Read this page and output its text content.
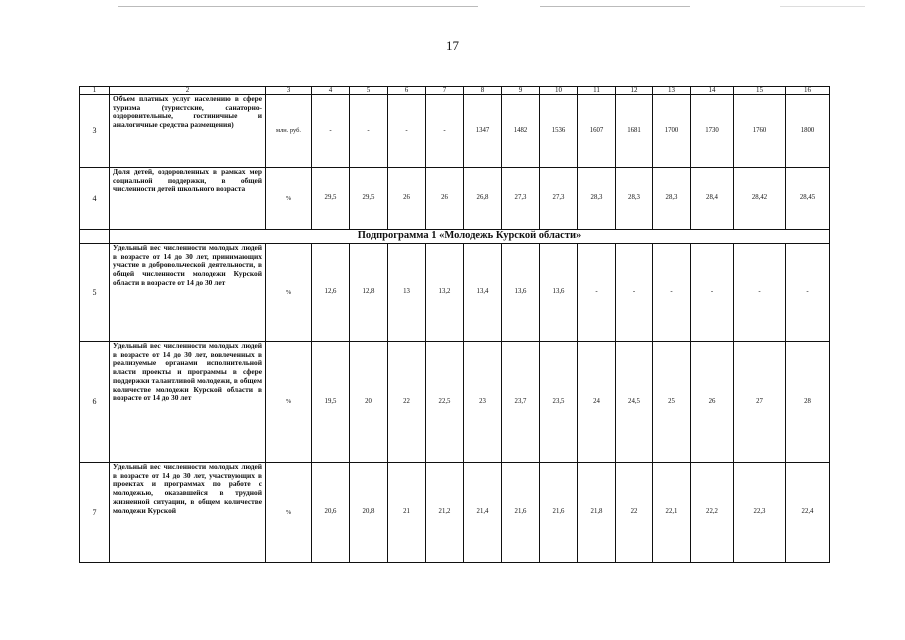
17
1	2	3	4	5	6	7	8	9	10	11	12	13	14	15	16
3	Объем платных услуг населению в сфере туризма (туристские, санаторно-оздоровительные, гостиничные и аналогичные средства размещения)	млн. руб.	-	-	-	-	1347	1482	1536	1607	1681	1700	1730	1760	1800
4	Доля детей, оздоровленных в рамках мер социальной поддержки, в общей численности детей школьного возраста	%	29,5	29,5	26	26	26,8	27,3	27,3	28,3	28,3	28,3	28,4	28,42	28,45
	Подпрограмма 1 «Молодежь Курской области»														
5	Удельный вес численности молодых людей в возрасте от 14 до 30 лет, принимающих участие в добровольческой деятельности, в общей численности молодежи Курской области в возрасте от 14 до 30 лет	%	12,6	12,8	13	13,2	13,4	13,6	13,6	-	-	-	-	-	-
6	Удельный вес численности молодых людей в возрасте от 14 до 30 лет, вовлеченных в реализуемые органами исполнительной власти проекты и программы в сфере поддержки талантливой молодежи, в общем количестве молодежи Курской области в возрасте от 14 до 30 лет	%	19,5	20	22	22,5	23	23,7	23,5	24	24,5	25	26	27	28
7	Удельный вес численности молодых людей в возрасте от 14 до 30 лет, участвующих в проектах и программах по работе с молодежью, оказавшейся в трудной жизненной ситуации, в общем количестве молодежи Курской	%	20,6	20,8	21	21,2	21,4	21,6	21,6	21,8	22	22,1	22,2	22,3	22,4
